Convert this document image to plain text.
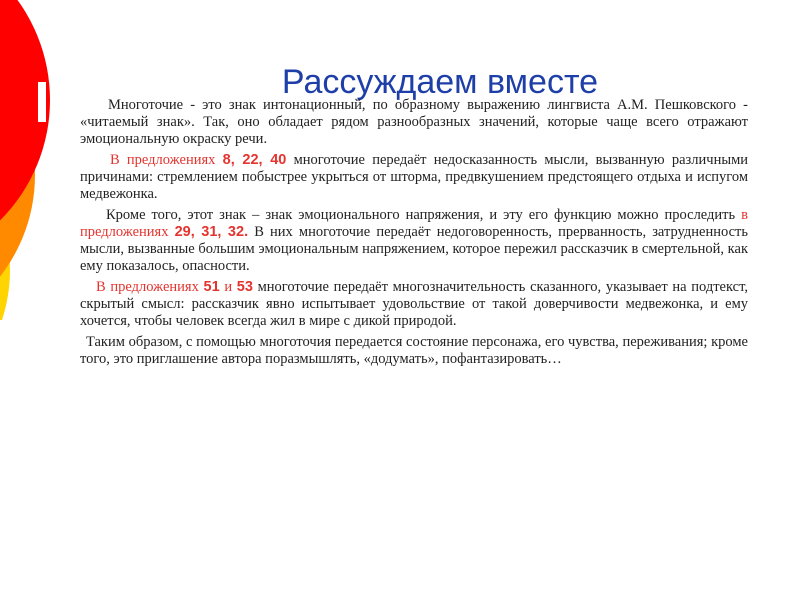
Рассуждаем вместе

Многоточие - это знак интонационный, по образному выражению лингвиста А.М. Пешковского - «читаемый знак». Так, оно обладает рядом разнообразных значений, которые чаще всего отражают эмоциональную окраску речи.

В предложениях 8, 22, 40 многоточие передаёт недосказанность мысли, вызванную различными причинами: стремлением побыстрее укрыться от шторма, предвкушением предстоящего отдыха и испугом медвежонка.

Кроме того, этот знак – знак эмоционального напряжения, и эту его функцию можно проследить в предложениях 29, 31, 32. В них многоточие передаёт недоговоренность, прерванность, затрудненность мысли, вызванные большим эмоциональным напряжением, которое пережил рассказчик в смертельной, как ему показалось, опасности.

В предложениях 51 и 53 многоточие передаёт многозначительность сказанного, указывает на подтекст, скрытый смысл: рассказчик явно испытывает удовольствие от такой доверчивости медвежонка, и ему хочется, чтобы человек всегда жил в мире с дикой природой.

Таким образом, с помощью многоточия передается состояние персонажа, его чувства, переживания; кроме того, это приглашение автора поразмышлять, «додумать», пофантазировать…
